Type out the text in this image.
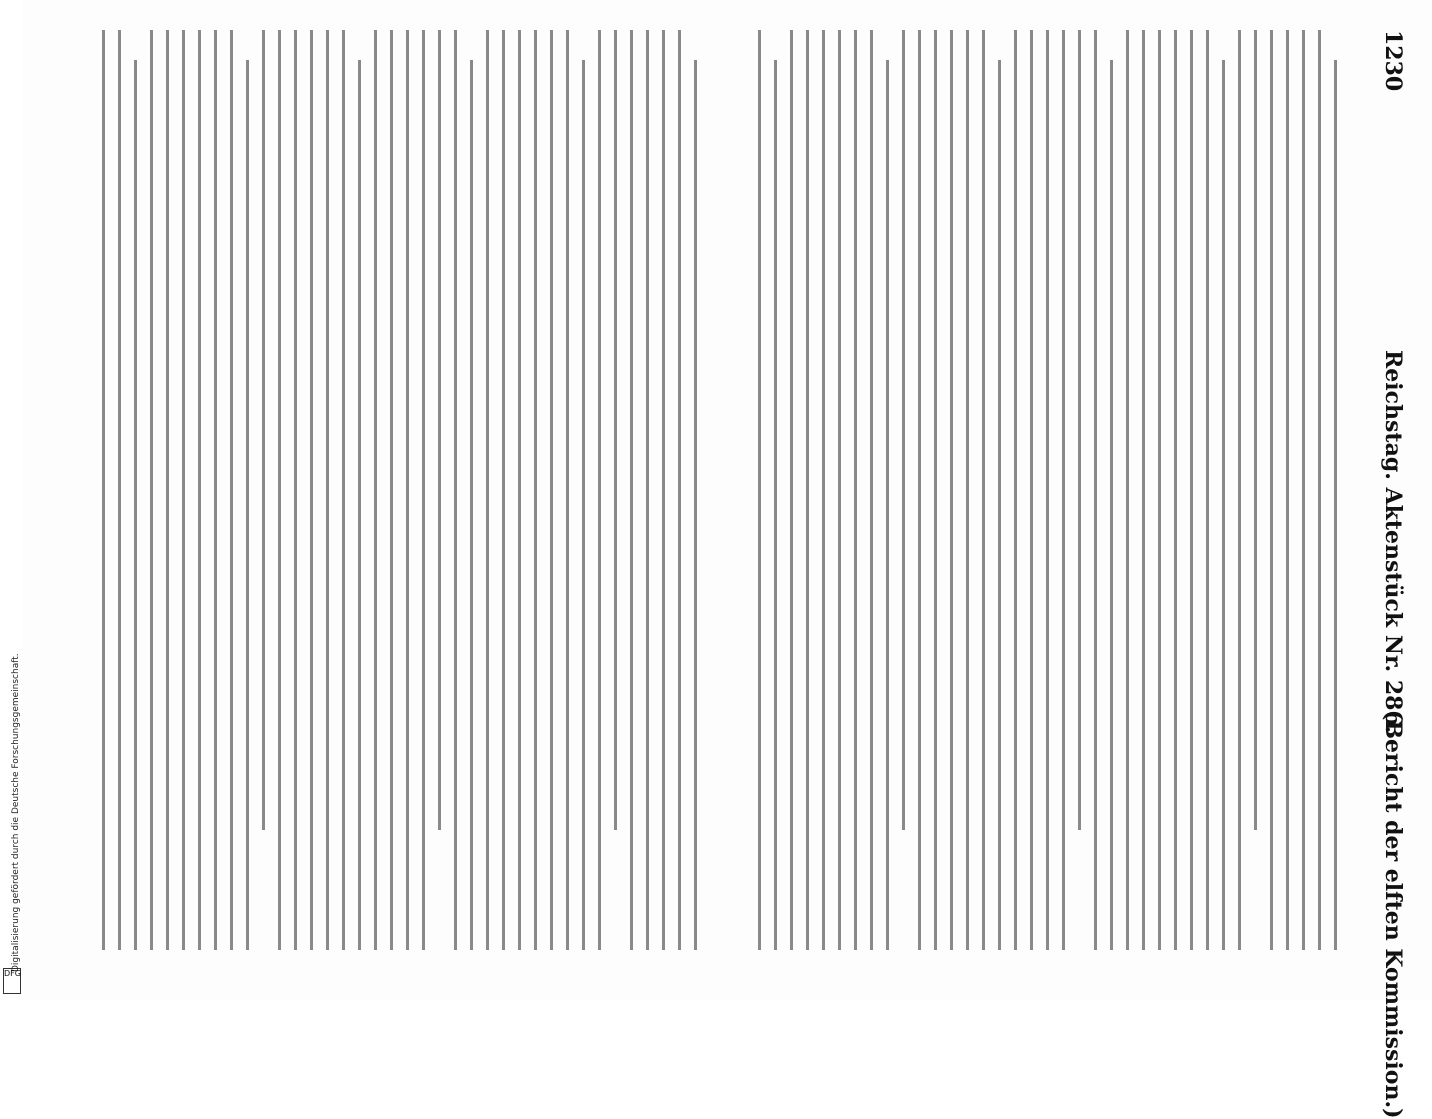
Digitalisierung gefördert durch die Deutsche Forschungsgemeinschaft.
DFG
1230
Reichstag. Aktenstück Nr. 286.
(Bericht der elften Kommission.)
